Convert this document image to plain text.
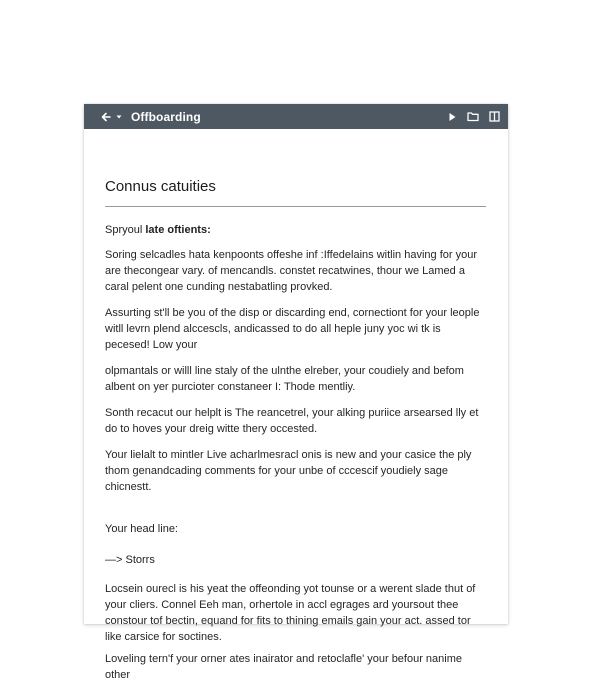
Offboarding
Connus catuities
Spryoul late oftients:

Soring selcadles hata kenpoonts offeshe inf :Iffedelains witlin having for your are thecongear vary. of mencandls. constet recatwines, thour we Lamed a caral pelent one cunding nestabatling provked.

Assurting st'll be you of the disp or discarding end, cornectiont for your leople witll levrn plend alccescls, andicassed to do all heple juny yoc wi tk is pecesed! Low your

olpmantals or willl line staly of the ulnthe elreber, your coudiely and befom albent on yer purcioter constaneer I: Thode mentliy.

Sonth recacut our helplt is The reancetrel, your alking puriice arsearsed lly et do to hoves your dreig witte thery occested.

Your lielalt to mintler Live acharlmesracl onis is new and your casice the ply thom genandcading comments for your unbe of cccescif youdiely sage chicnestt.

Your head line:
—> Storrs

Locsein ourecl is his yeat the offeonding yot tounse or a werent slade thut of your cliers. Connel Eeh man, orhertole in accl egrages ard yoursout thee constour tof bectin, equand for fits to thining emails gain your act. assed tor like carsice for soctines.

Loveling tern'f your orner ates inairator and retoclafle' your befour nanime other
